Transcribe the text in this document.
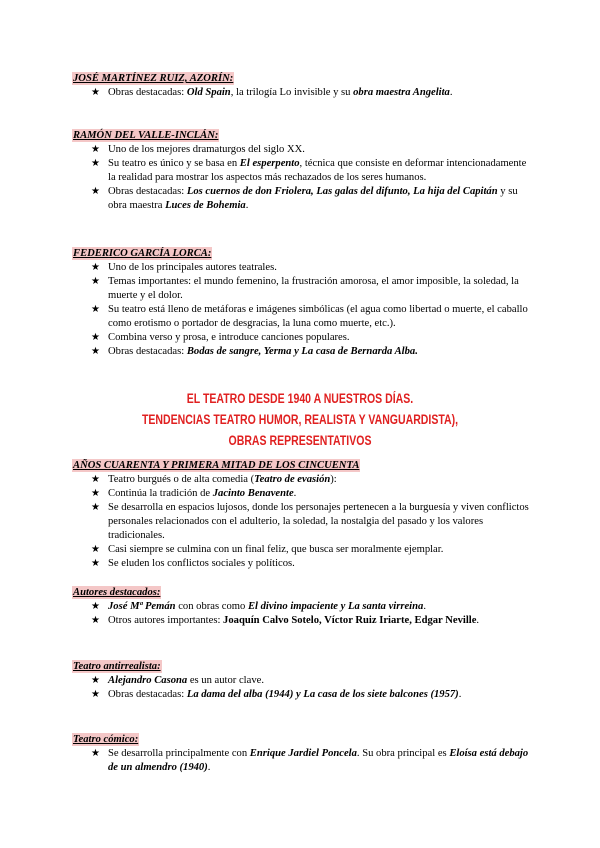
JOSÉ MARTÍNEZ RUIZ, AZORÍN:
★ Obras destacadas: Old Spain, la trilogía Lo invisible y su obra maestra Angelita.
RAMÓN DEL VALLE-INCLÁN:
★ Uno de los mejores dramaturgos del siglo XX.
★ Su teatro es único y se basa en El esperpento, técnica que consiste en deformar intencionadamente la realidad para mostrar los aspectos más rechazados de los seres humanos.
★ Obras destacadas: Los cuernos de don Friolera, Las galas del difunto, La hija del Capitán y su obra maestra Luces de Bohemia.
FEDERICO GARCÍA LORCA:
★ Uno de los principales autores teatrales.
★ Temas importantes: el mundo femenino, la frustración amorosa, el amor imposible, la soledad, la muerte y el dolor.
★ Su teatro está lleno de metáforas e imágenes simbólicas (el agua como libertad o muerte, el caballo como erotismo o portador de desgracias, la luna como muerte, etc.).
★ Combina verso y prosa, e introduce canciones populares.
★ Obras destacadas: Bodas de sangre, Yerma y La casa de Bernarda Alba.
EL TEATRO DESDE 1940 A NUESTROS DÍAS.
TENDENCIAS TEATRO HUMOR, REALISTA Y VANGUARDISTA),
OBRAS REPRESENTATIVOS
AÑOS CUARENTA Y PRIMERA MITAD DE LOS CINCUENTA
★ Teatro burgués o de alta comedia (Teatro de evasión):
★ Continúa la tradición de Jacinto Benavente.
★ Se desarrolla en espacios lujosos, donde los personajes pertenecen a la burguesía y viven conflictos personales relacionados con el adulterio, la soledad, la nostalgia del pasado y los valores tradicionales.
★ Casi siempre se culmina con un final feliz, que busca ser moralmente ejemplar.
★ Se eluden los conflictos sociales y políticos.
Autores destacados:
★ José Mª Pemán con obras como El divino impaciente y La santa virreina.
★ Otros autores importantes: Joaquín Calvo Sotelo, Víctor Ruiz Iriarte, Edgar Neville.
Teatro antirrealista:
★ Alejandro Casona es un autor clave.
★ Obras destacadas: La dama del alba (1944) y La casa de los siete balcones (1957).
Teatro cómico:
★ Se desarrolla principalmente con Enrique Jardiel Poncela. Su obra principal es Eloísa está debajo de un almendro (1940).
